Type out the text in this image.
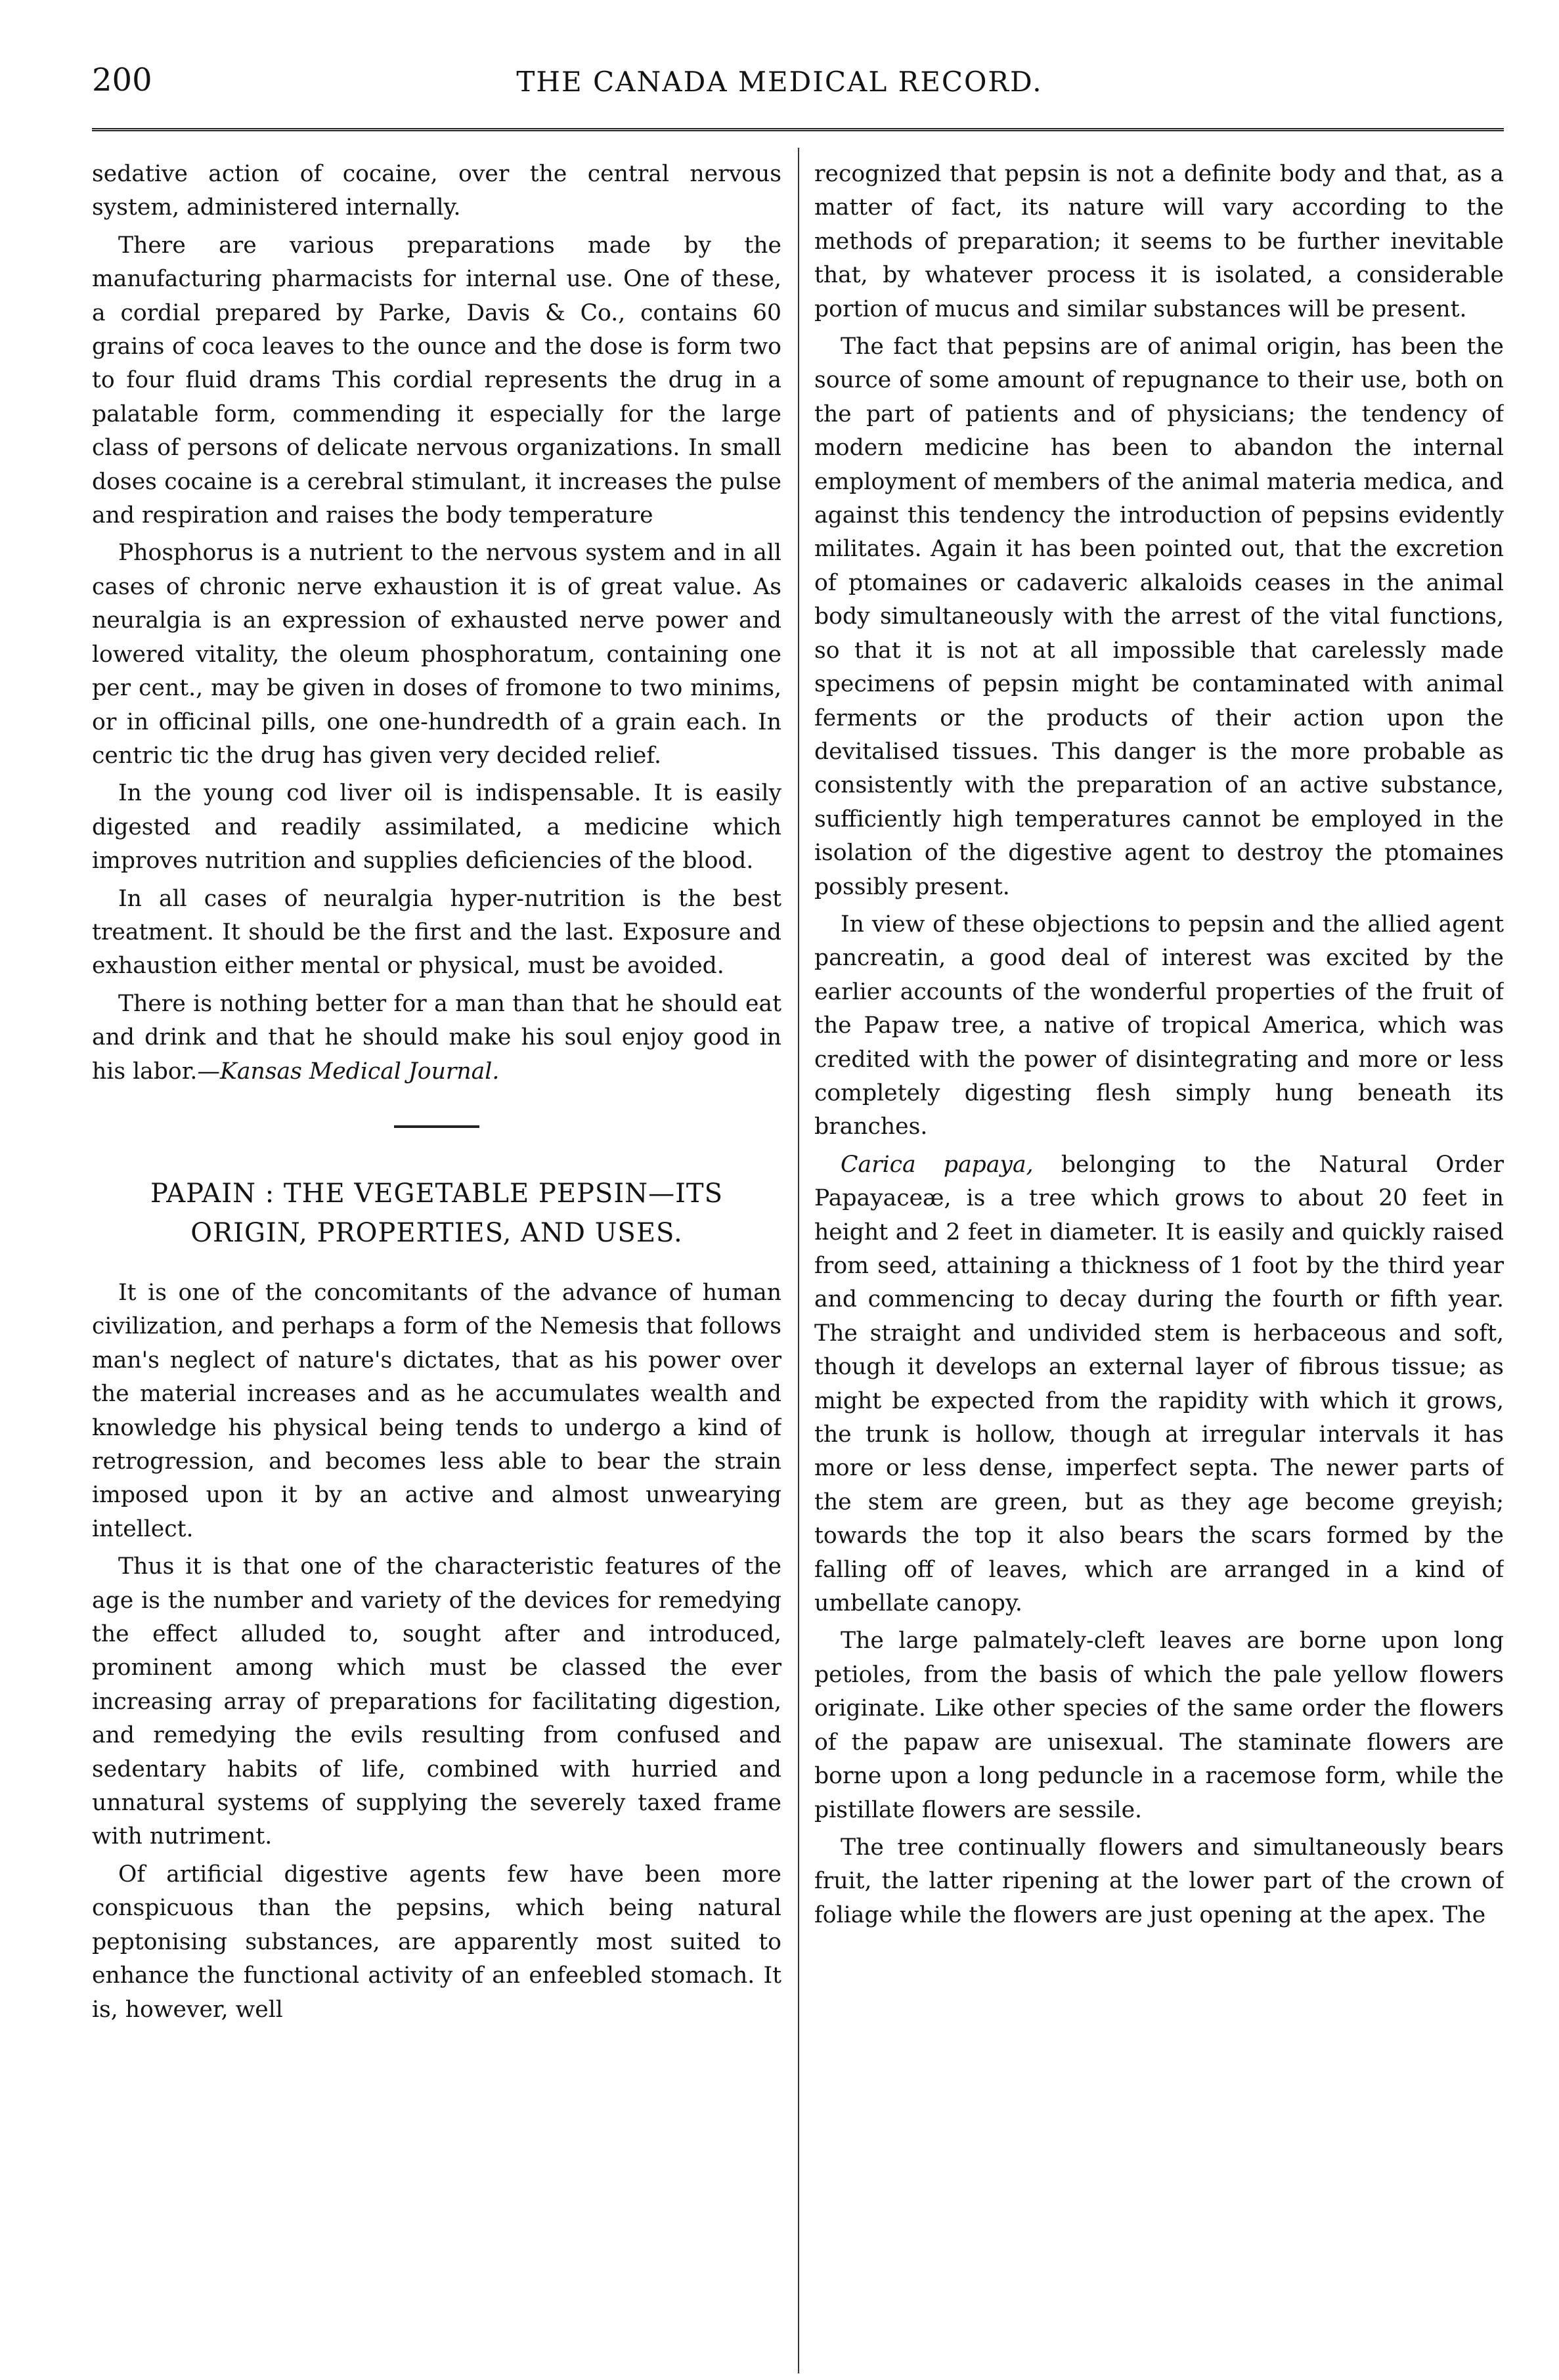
200	THE CANADA MEDICAL RECORD.

sedative action of cocaine, over the central nervous system, administered internally.

There are various preparations made by the manufacturing pharmacists for internal use. One of these, a cordial prepared by Parke, Davis & Co., contains 60 grains of coca leaves to the ounce and the dose is form two to four fluid drams This cordial represents the drug in a palatable form, commending it especially for the large class of persons of delicate nervous organizations. In small doses cocaine is a cerebral stimulant, it increases the pulse and respiration and raises the body temperature

Phosphorus is a nutrient to the nervous system and in all cases of chronic nerve exhaustion it is of great value. As neuralgia is an expression of exhausted nerve power and lowered vitality, the oleum phosphoratum, containing one per cent., may be given in doses of fromone to two minims, or in officinal pills, one one-hundredth of a grain each. In centric tic the drug has given very decided relief.

In the young cod liver oil is indispensable. It is easily digested and readily assimilated, a medicine which improves nutrition and supplies deficiencies of the blood.

In all cases of neuralgia hyper-nutrition is the best treatment. It should be the first and the last. Exposure and exhaustion either mental or physical, must be avoided.

There is nothing better for a man than that he should eat and drink and that he should make his soul enjoy good in his labor.—Kansas Medical Journal.

PAPAIN : THE VEGETABLE PEPSIN—ITS
ORIGIN, PROPERTIES, AND USES.

It is one of the concomitants of the advance of human civilization, and perhaps a form of the Nemesis that follows man's neglect of nature's dictates, that as his power over the material increases and as he accumulates wealth and knowledge his physical being tends to undergo a kind of retrogression, and becomes less able to bear the strain imposed upon it by an active and almost unwearying intellect.

Thus it is that one of the characteristic features of the age is the number and variety of the devices for remedying the effect alluded to, sought after and introduced, prominent among which must be classed the ever increasing array of preparations for facilitating digestion, and remedying the evils resulting from confused and sedentary habits of life, combined with hurried and unnatural systems of supplying the severely taxed frame with nutriment.

Of artificial digestive agents few have been more conspicuous than the pepsins, which being natural peptonising substances, are apparently most suited to enhance the functional activity of an enfeebled stomach. It is, however, well

recognized that pepsin is not a definite body and that, as a matter of fact, its nature will vary according to the methods of preparation; it seems to be further inevitable that, by whatever process it is isolated, a considerable portion of mucus and similar substances will be present.

The fact that pepsins are of animal origin, has been the source of some amount of repugnance to their use, both on the part of patients and of physicians; the tendency of modern medicine has been to abandon the internal employment of members of the animal materia medica, and against this tendency the introduction of pepsins evidently militates. Again it has been pointed out, that the excretion of ptomaines or cadaveric alkaloids ceases in the animal body simultaneously with the arrest of the vital functions, so that it is not at all impossible that carelessly made specimens of pepsin might be contaminated with animal ferments or the products of their action upon the devitalised tissues. This danger is the more probable as consistently with the preparation of an active substance, sufficiently high temperatures cannot be employed in the isolation of the digestive agent to destroy the ptomaines possibly present.

In view of these objections to pepsin and the allied agent pancreatin, a good deal of interest was excited by the earlier accounts of the wonderful properties of the fruit of the Papaw tree, a native of tropical America, which was credited with the power of disintegrating and more or less completely digesting flesh simply hung beneath its branches.

Carica papaya, belonging to the Natural Order Papayaceæ, is a tree which grows to about 20 feet in height and 2 feet in diameter. It is easily and quickly raised from seed, attaining a thickness of 1 foot by the third year and commencing to decay during the fourth or fifth year. The straight and undivided stem is herbaceous and soft, though it develops an external layer of fibrous tissue; as might be expected from the rapidity with which it grows, the trunk is hollow, though at irregular intervals it has more or less dense, imperfect septa. The newer parts of the stem are green, but as they age become greyish; towards the top it also bears the scars formed by the falling off of leaves, which are arranged in a kind of umbellate canopy.

The large palmately-cleft leaves are borne upon long petioles, from the basis of which the pale yellow flowers originate. Like other species of the same order the flowers of the papaw are unisexual. The staminate flowers are borne upon a long peduncle in a racemose form, while the pistillate flowers are sessile.

The tree continually flowers and simultaneously bears fruit, the latter ripening at the lower part of the crown of foliage while the flowers are just opening at the apex. The
